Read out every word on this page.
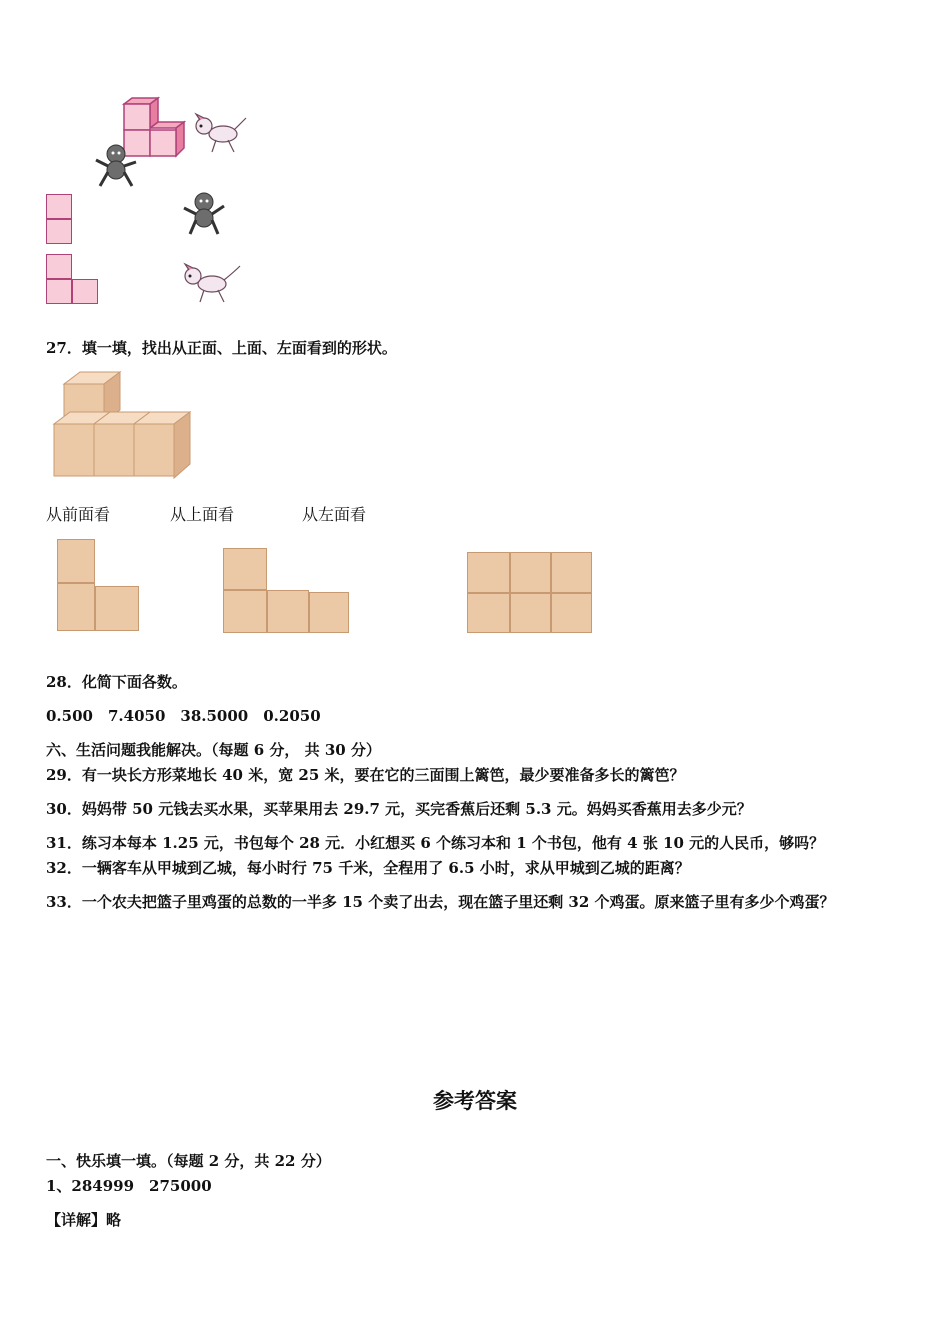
27．填一填，找出从正面、上面、左面看到的形状。
从前面看	从上面看	从左面看
28．化简下面各数。
0.500　7.4050　38.5000　0.2050
六、生活问题我能解决。（每题 6 分， 共 30 分）
29．有一块长方形菜地长 40 米，宽 25 米，要在它的三面围上篱笆，最少要准备多长的篱笆？
30．妈妈带 50 元钱去买水果，买苹果用去 29.7 元，买完香蕉后还剩 5.3 元。妈妈买香蕉用去多少元？
31．练习本每本 1.25 元，书包每个 28 元．小红想买 6 个练习本和 1 个书包，他有 4 张 10 元的人民币，够吗？
32．一辆客车从甲城到乙城，每小时行 75 千米，全程用了 6.5 小时，求从甲城到乙城的距离？
33．一个农夫把篮子里鸡蛋的总数的一半多 15 个卖了出去，现在篮子里还剩 32 个鸡蛋。原来篮子里有多少个鸡蛋？
参考答案
一、快乐填一填。（每题 2 分，共 22 分）
1、284999　275000
【详解】略
